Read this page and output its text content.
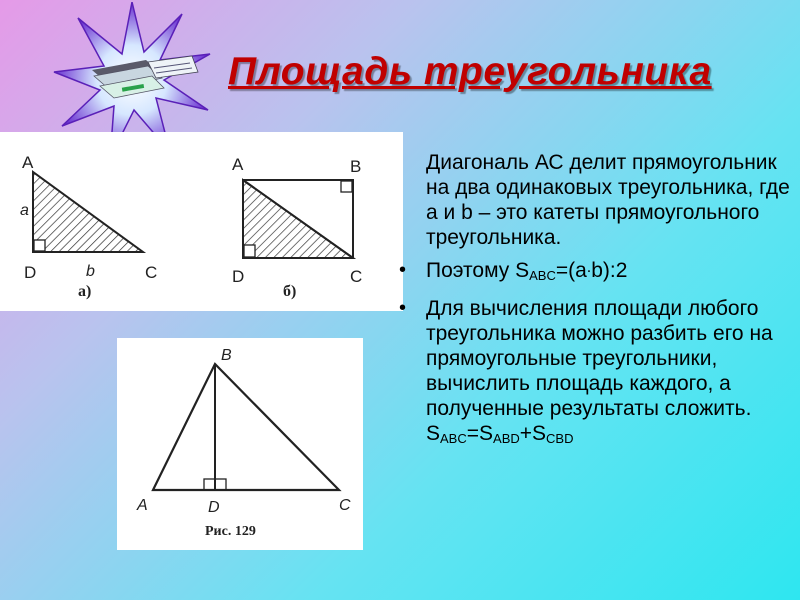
Площадь треугольника
A
a
D	b	C
а)
A	B
D	C
б)
B
A	D	C
Рис. 129

Диагональ АС делит прямоугольник на два одинаковых треугольника, где a и b – это катеты прямоугольного треугольника.

• Поэтому $S_{ABC}=(a^.b):2$

• Для вычисления площади любого треугольника можно разбить его на прямоугольные треугольники, вычислить площадь каждого, а полученные результаты сложить. $S_{ABC}=S_{ABD}+S_{CBD}$
